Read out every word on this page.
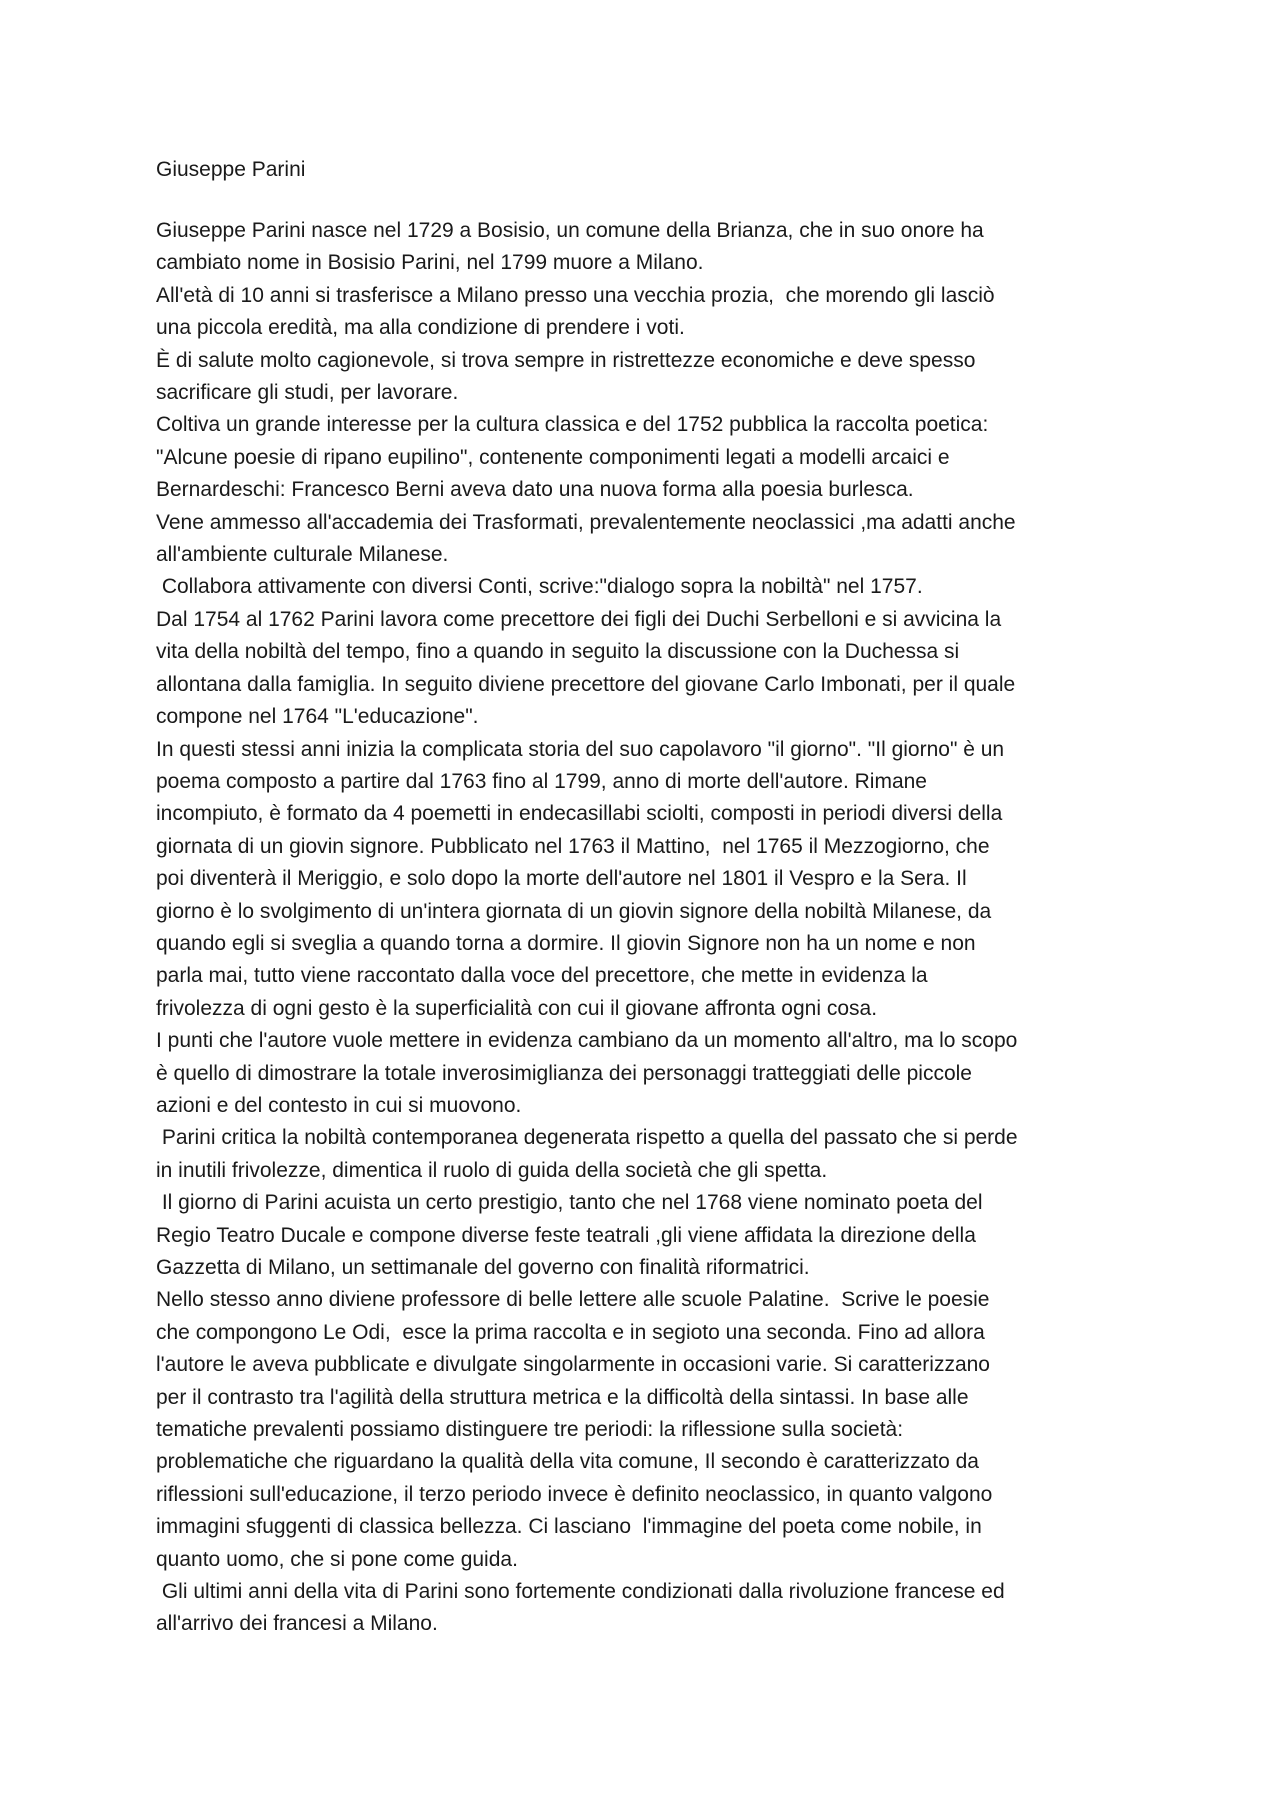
Giuseppe Parini
Giuseppe Parini nasce nel 1729 a Bosisio, un comune della Brianza, che in suo onore ha
cambiato nome in Bosisio Parini, nel 1799 muore a Milano.
All'età di 10 anni si trasferisce a Milano presso una vecchia prozia,  che morendo gli lasciò
una piccola eredità, ma alla condizione di prendere i voti.
È di salute molto cagionevole, si trova sempre in ristrettezze economiche e deve spesso
sacrificare gli studi, per lavorare.
Coltiva un grande interesse per la cultura classica e del 1752 pubblica la raccolta poetica:
"Alcune poesie di ripano eupilino", contenente componimenti legati a modelli arcaici e
Bernardeschi: Francesco Berni aveva dato una nuova forma alla poesia burlesca.
Vene ammesso all'accademia dei Trasformati, prevalentemente neoclassici ,ma adatti anche
all'ambiente culturale Milanese.
Collabora attivamente con diversi Conti, scrive:"dialogo sopra la nobiltà" nel 1757.
Dal 1754 al 1762 Parini lavora come precettore dei figli dei Duchi Serbelloni e si avvicina la
vita della nobiltà del tempo, fino a quando in seguito la discussione con la Duchessa si
allontana dalla famiglia. In seguito diviene precettore del giovane Carlo Imbonati, per il quale
compone nel 1764 "L'educazione".
In questi stessi anni inizia la complicata storia del suo capolavoro "il giorno". "Il giorno" è un
poema composto a partire dal 1763 fino al 1799, anno di morte dell'autore. Rimane
incompiuto, è formato da 4 poemetti in endecasillabi sciolti, composti in periodi diversi della
giornata di un giovin signore. Pubblicato nel 1763 il Mattino,  nel 1765 il Mezzogiorno, che
poi diventerà il Meriggio, e solo dopo la morte dell'autore nel 1801 il Vespro e la Sera. Il
giorno è lo svolgimento di un'intera giornata di un giovin signore della nobiltà Milanese, da
quando egli si sveglia a quando torna a dormire. Il giovin Signore non ha un nome e non
parla mai, tutto viene raccontato dalla voce del precettore, che mette in evidenza la
frivolezza di ogni gesto è la superficialità con cui il giovane affronta ogni cosa.
I punti che l'autore vuole mettere in evidenza cambiano da un momento all'altro, ma lo scopo
è quello di dimostrare la totale inverosimiglianza dei personaggi tratteggiati delle piccole
azioni e del contesto in cui si muovono.
Parini critica la nobiltà contemporanea degenerata rispetto a quella del passato che si perde
in inutili frivolezze, dimentica il ruolo di guida della società che gli spetta.
Il giorno di Parini acuista un certo prestigio, tanto che nel 1768 viene nominato poeta del
Regio Teatro Ducale e compone diverse feste teatrali ,gli viene affidata la direzione della
Gazzetta di Milano, un settimanale del governo con finalità riformatrici.
Nello stesso anno diviene professore di belle lettere alle scuole Palatine.  Scrive le poesie
che compongono Le Odi,  esce la prima raccolta e in segioto una seconda. Fino ad allora
l'autore le aveva pubblicate e divulgate singolarmente in occasioni varie. Si caratterizzano
per il contrasto tra l'agilità della struttura metrica e la difficoltà della sintassi. In base alle
tematiche prevalenti possiamo distinguere tre periodi: la riflessione sulla società:
problematiche che riguardano la qualità della vita comune, Il secondo è caratterizzato da
riflessioni sull'educazione, il terzo periodo invece è definito neoclassico, in quanto valgono
immagini sfuggenti di classica bellezza. Ci lasciano  l'immagine del poeta come nobile, in
quanto uomo, che si pone come guida.
Gli ultimi anni della vita di Parini sono fortemente condizionati dalla rivoluzione francese ed
all'arrivo dei francesi a Milano.
